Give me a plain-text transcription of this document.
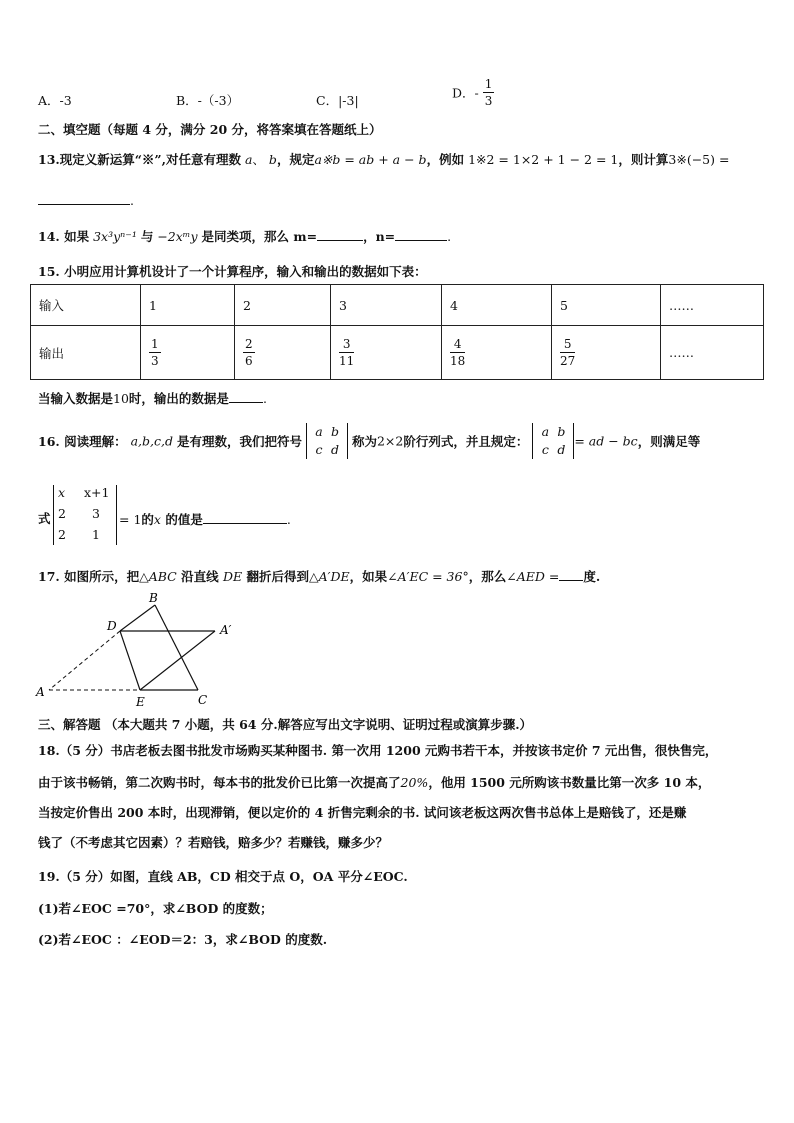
A．-3	B．-（-3）	C．|-3|	D．- $\frac{1}{3}$
二、填空题（每题 4 分，满分 20 分，将答案填在答题纸上）
13.现定义新运算“※”,对任意有理数 a、 b，规定a※b = ab + a − b，例如 1※2 = 1×2 + 1 − 2 = 1，则计算3※(−5) =
.
14. 如果 3x³yⁿ⁻¹ 与 −2xᵐy 是同类项，那么 m=	，n=	.
15. 小明应用计算机设计了一个计算程序，输入和输出的数据如下表：
输入	1	2	3	4	5	……
输出	$\frac{1}{3}$	$\frac{2}{6}$	$\frac{3}{11}$	$\frac{4}{18}$	$\frac{5}{27}$	……
当输入数据是10时，输出的数据是	.
16. 阅读理解： a,b,c,d 是有理数，我们把符号 a b
c d 称为2×2阶行列式，并且规定： a b
c d= ad − bc，则满足等
式
x x+1
2 3
2 1
= 1的x 的值是	.
17. 如图所示，把△ABC 沿直线 DE 翻折后得到△A′DE，如果∠A′EC = 36°，那么∠AED = 度.
B
D	A′
A
E	C
三、解答题 （本大题共 7 小题，共 64 分.解答应写出文字说明、证明过程或演算步骤.）
18.（5 分）书店老板去图书批发市场购买某种图书. 第一次用 1200 元购书若干本，并按该书定价 7 元出售，很快售完，
由于该书畅销，第二次购书时，每本书的批发价已比第一次提高了20%，他用 1500 元所购该书数量比第一次多 10 本，
当按定价售出 200 本时，出现滞销，便以定价的 4 折售完剩余的书. 试问该老板这两次售书总体上是赔钱了，还是赚
钱了（不考虑其它因素）？若赔钱，赔多少？若赚钱，赚多少？
19.（5 分）如图，直线 AB，CD 相交于点 O，OA 平分∠EOC.
(1)若∠EOC =70°，求∠BOD 的度数；
(2)若∠EOC ：∠EOD＝2：3，求∠BOD 的度数.
